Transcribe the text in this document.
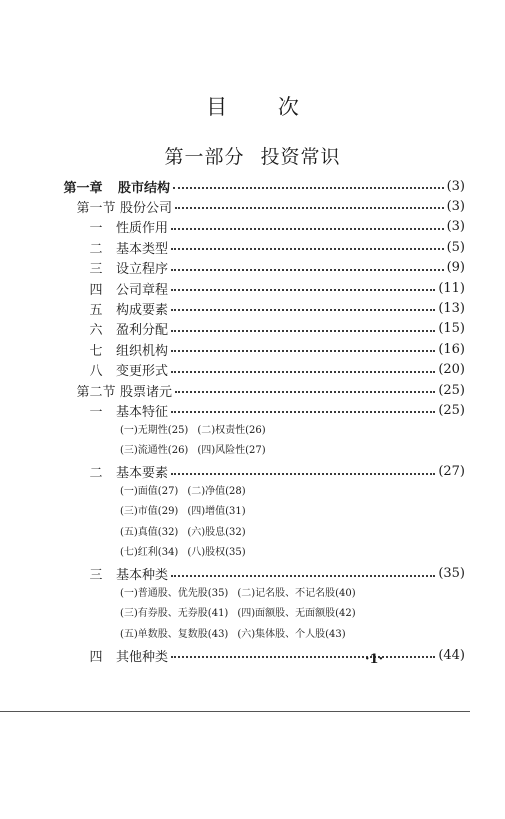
目 次
第一部分 投资常识
第一章 股市结构	(3)
第一节 股份公司	(3)
一 性质作用	(3)
二 基本类型	(5)
三 设立程序	(9)
四 公司章程	(11)
五 构成要素	(13)
六 盈利分配	(15)
七 组织机构	(16)
八 变更形式	(20)
第二节 股票诸元	(25)
一 基本特征	(25)
(一)无期性(25) (二)权责性(26)
(三)流通性(26) (四)风险性(27)
二 基本要素	(27)
(一)面值(27) (二)净值(28)
(三)市值(29) (四)增值(31)
(五)真值(32) (六)股息(32)
(七)红利(34) (八)股权(35)
三 基本种类	(35)
(一)普通股、优先股(35) (二)记名股、不记名股(40)
(三)有券股、无券股(41) (四)面额股、无面额股(42)
(五)单数股、复数股(43) (六)集体股、个人股(43)
四 其他种类	(44)
·1·
